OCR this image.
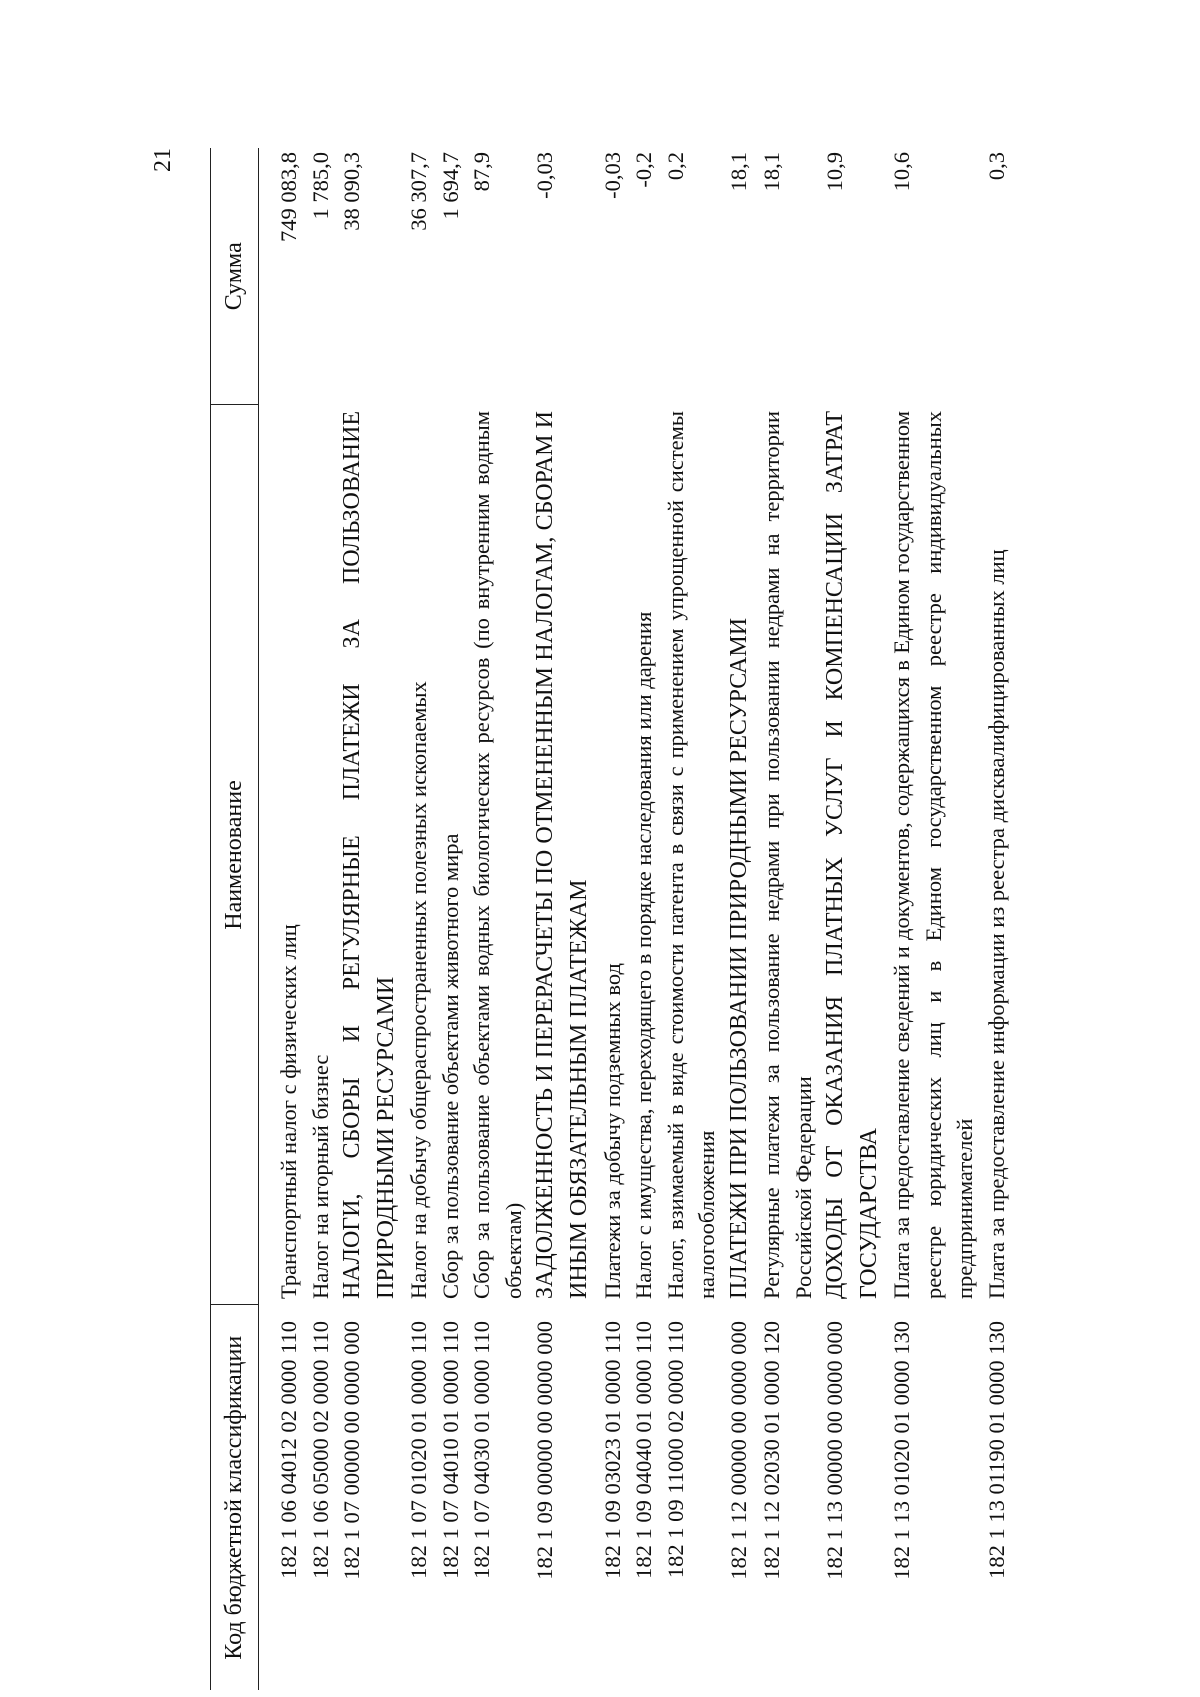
21
Код бюджетной классификации	Наименование	Сумма
182 1 06 04012 02 0000 110	Транспортный налог с физических лиц	749 083,8
182 1 06 05000 02 0000 110	Налог на игорный бизнес	1 785,0
182 1 07 00000 00 0000 000	НАЛОГИ, СБОРЫ И РЕГУЛЯРНЫЕ ПЛАТЕЖИ ЗА ПОЛЬЗОВАНИЕ ПРИРОДНЫМИ РЕСУРСАМИ	38 090,3
182 1 07 01020 01 0000 110	Налог на добычу общераспространенных полезных ископаемых	36 307,7
182 1 07 04010 01 0000 110	Сбор за пользование объектами животного мира	1 694,7
182 1 07 04030 01 0000 110	Сбор за пользование объектами водных биологических ресурсов (по внутренним водным объектам)	87,9
182 1 09 00000 00 0000 000	ЗАДОЛЖЕННОСТЬ И ПЕРЕРАСЧЕТЫ ПО ОТМЕНЕННЫМ НАЛОГАМ, СБОРАМ И ИНЫМ ОБЯЗАТЕЛЬНЫМ ПЛАТЕЖАМ	-0,03
182 1 09 03023 01 0000 110	Платежи за добычу подземных вод	-0,03
182 1 09 04040 01 0000 110	Налог с имущества, переходящего в порядке наследования или дарения	-0,2
182 1 09 11000 02 0000 110	Налог, взимаемый в виде стоимости патента в связи с применением упрощенной системы налогообложения	0,2
182 1 12 00000 00 0000 000	ПЛАТЕЖИ ПРИ ПОЛЬЗОВАНИИ ПРИРОДНЫМИ РЕСУРСАМИ	18,1
182 1 12 02030 01 0000 120	Регулярные платежи за пользование недрами при пользовании недрами на территории Российской Федерации	18,1
182 1 13 00000 00 0000 000	ДОХОДЫ ОТ ОКАЗАНИЯ ПЛАТНЫХ УСЛУГ И КОМПЕНСАЦИИ ЗАТРАТ ГОСУДАРСТВА	10,9
182 1 13 01020 01 0000 130	Плата за предоставление сведений и документов, содержащихся в Едином государственном реестре юридических лиц и в Едином государственном реестре индивидуальных предпринимателей	10,6
182 1 13 01190 01 0000 130	Плата за предоставление информации из реестра дисквалифицированных лиц	0,3
